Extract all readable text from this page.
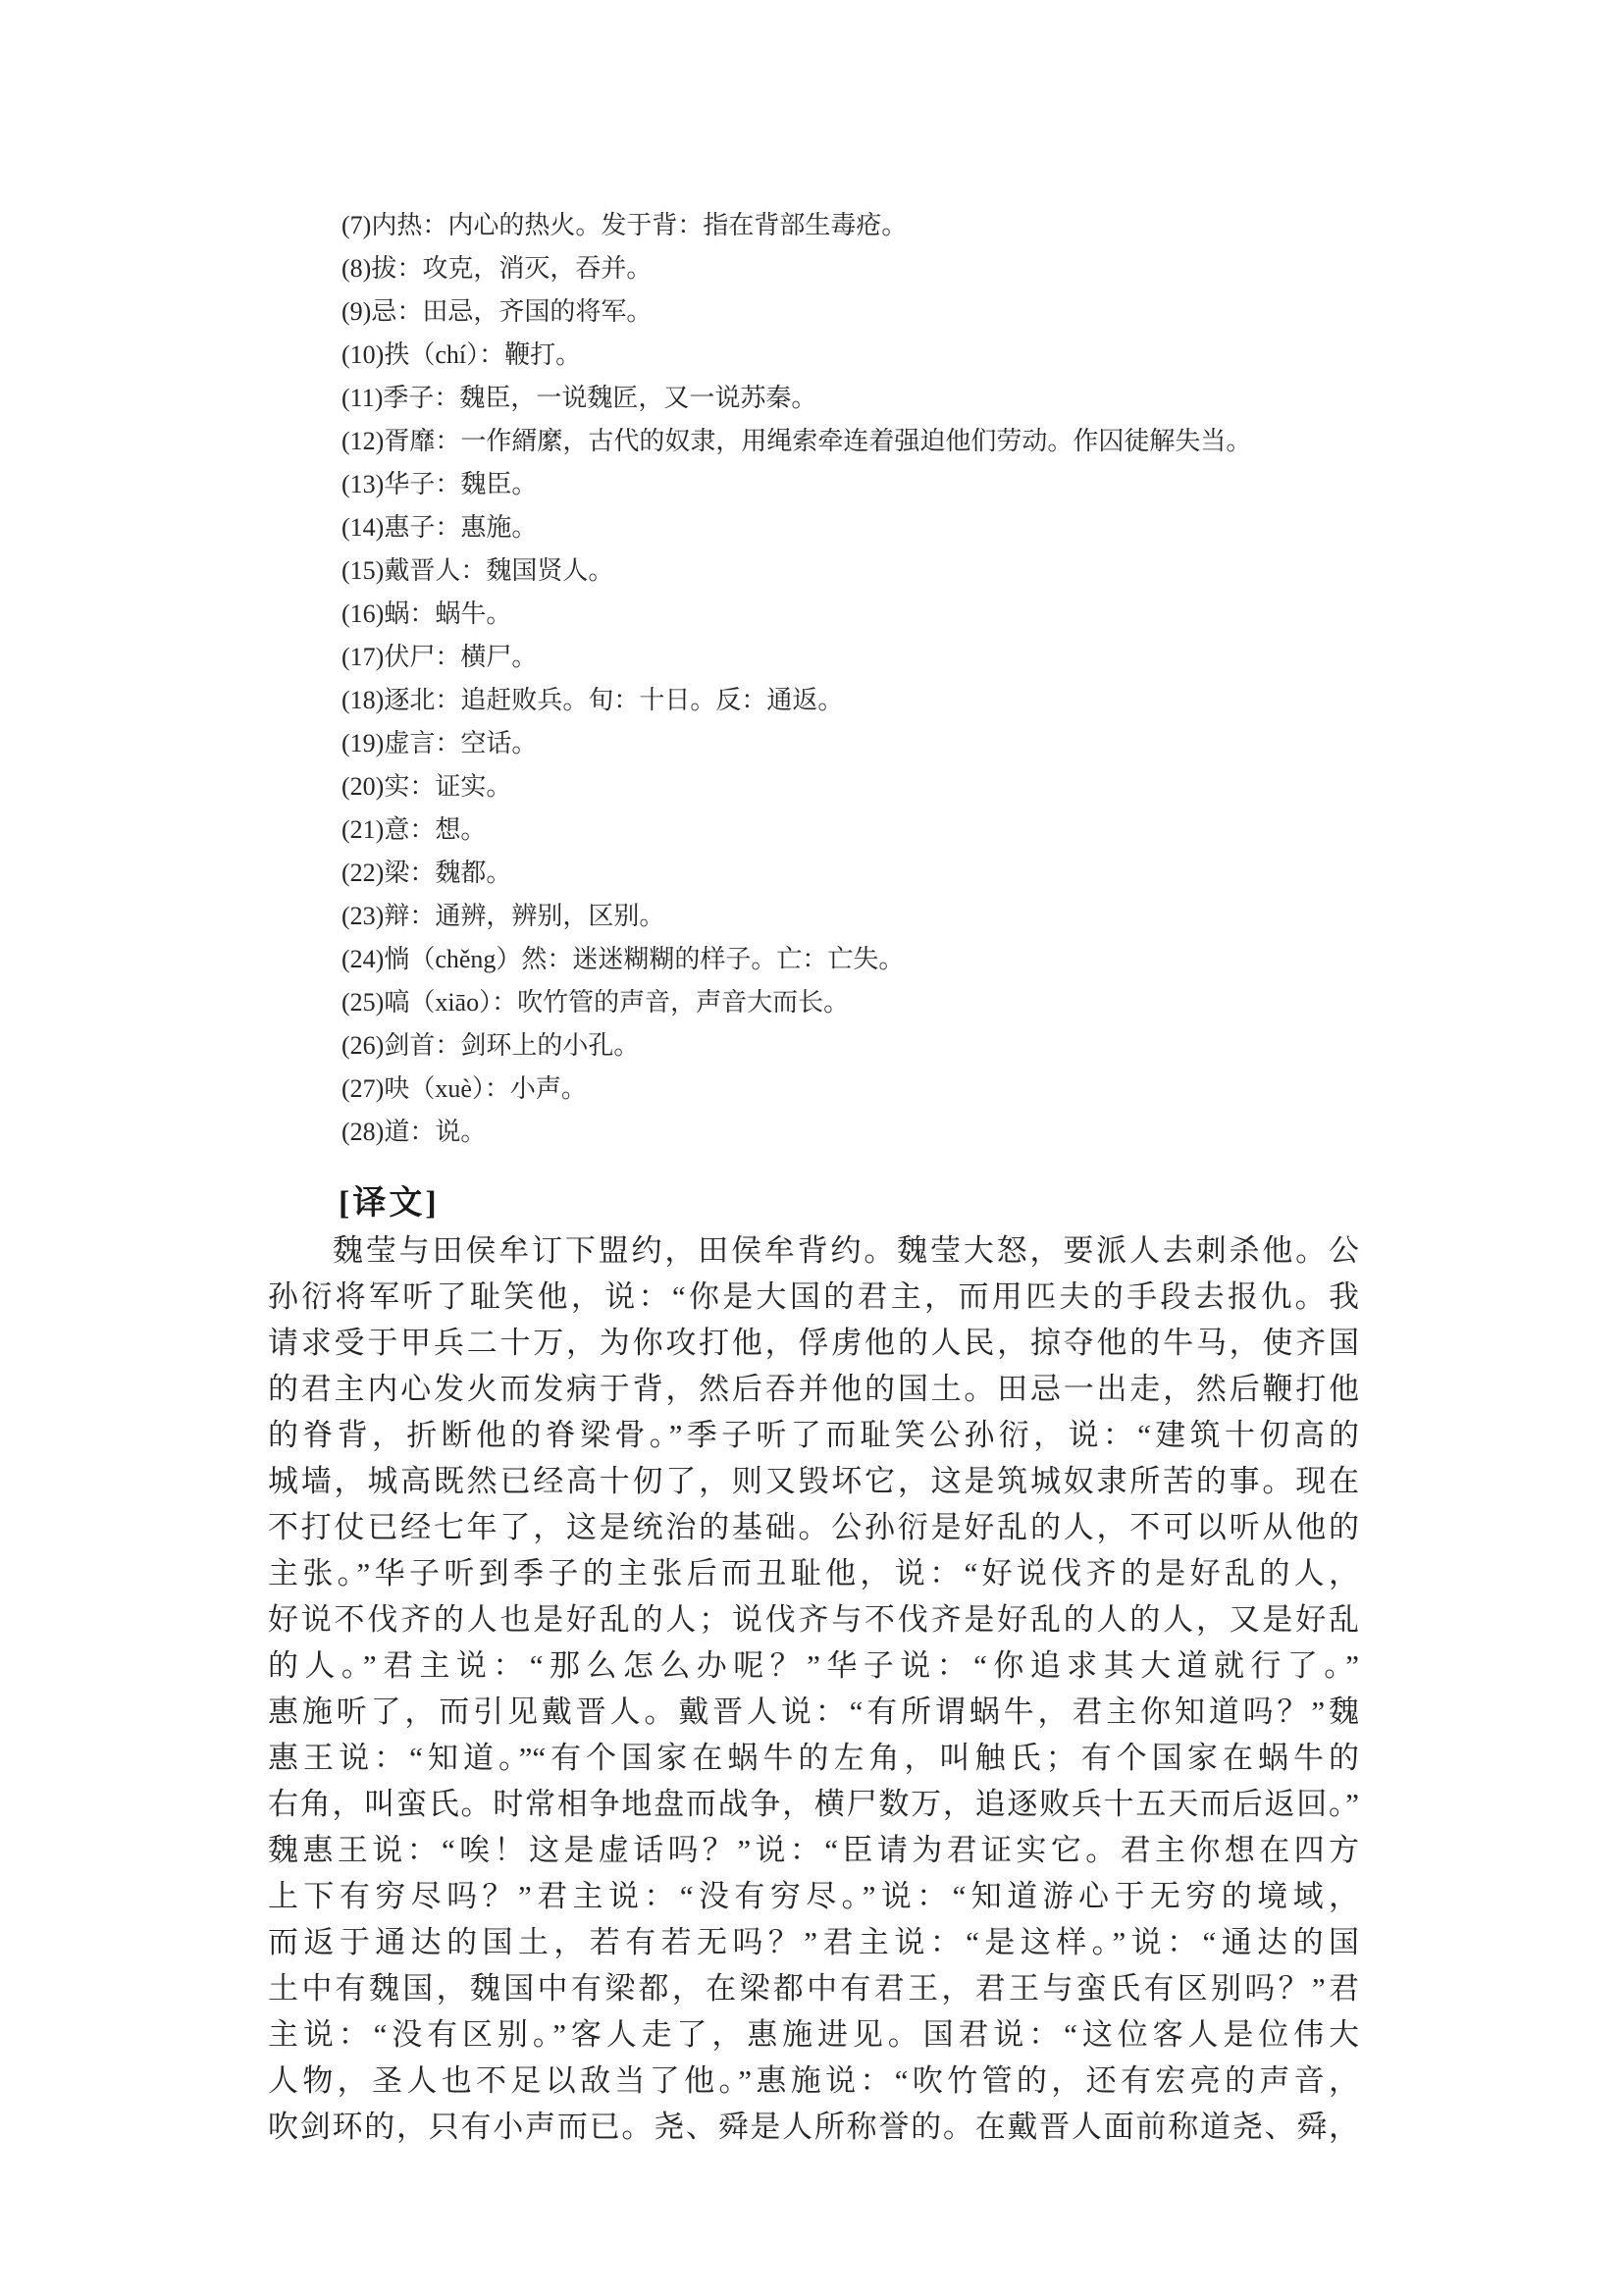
(7)内热：内心的热火。发于背：指在背部生毒疮。
(8)拔：攻克，消灭，吞并。
(9)忌：田忌，齐国的将军。
(10)抶（chí）：鞭打。
(11)季子：魏臣，一说魏匠，又一说苏秦。
(12)胥靡：一作縃縻，古代的奴隶，用绳索牵连着强迫他们劳动。作囚徒解失当。
(13)华子：魏臣。
(14)惠子：惠施。
(15)戴晋人：魏国贤人。
(16)蜗：蜗牛。
(17)伏尸：横尸。
(18)逐北：追赶败兵。旬：十日。反：通返。
(19)虚言：空话。
(20)实：证实。
(21)意：想。
(22)梁：魏都。
(23)辩：通辨，辨别，区别。
(24)惝（chěng）然：迷迷糊糊的样子。亡：亡失。
(25)嗃（xiāo）：吹竹管的声音，声音大而长。
(26)剑首：剑环上的小孔。
(27)吷（xuè）：小声。
(28)道：说。
[译文]
魏莹与田侯牟订下盟约，田侯牟背约。魏莹大怒，要派人去刺杀他。公
孙衍将军听了耻笑他，说：“你是大国的君主，而用匹夫的手段去报仇。我
请求受于甲兵二十万，为你攻打他，俘虏他的人民，掠夺他的牛马，使齐国
的君主内心发火而发病于背，然后吞并他的国土。田忌一出走，然后鞭打他
的脊背，折断他的脊梁骨。”季子听了而耻笑公孙衍，说：“建筑十仞高的
城墙，城高既然已经高十仞了，则又毁坏它，这是筑城奴隶所苦的事。现在
不打仗已经七年了，这是统治的基础。公孙衍是好乱的人，不可以听从他的
主张。”华子听到季子的主张后而丑耻他，说：“好说伐齐的是好乱的人，
好说不伐齐的人也是好乱的人；说伐齐与不伐齐是好乱的人的人，又是好乱
的人。”君主说：“那么怎么办呢？”华子说：“你追求其大道就行了。”
惠施听了，而引见戴晋人。戴晋人说：“有所谓蜗牛，君主你知道吗？”魏
惠王说：“知道。”“有个国家在蜗牛的左角，叫触氏；有个国家在蜗牛的
右角，叫蛮氏。时常相争地盘而战争，横尸数万，追逐败兵十五天而后返回。”
魏惠王说：“唉！这是虚话吗？”说：“臣请为君证实它。君主你想在四方
上下有穷尽吗？”君主说：“没有穷尽。”说：“知道游心于无穷的境域，
而返于通达的国土，若有若无吗？”君主说：“是这样。”说：“通达的国
土中有魏国，魏国中有梁都，在梁都中有君王，君王与蛮氏有区别吗？”君
主说：“没有区别。”客人走了，惠施进见。国君说：“这位客人是位伟大
人物，圣人也不足以敌当了他。”惠施说：“吹竹管的，还有宏亮的声音，
吹剑环的，只有小声而已。尧、舜是人所称誉的。在戴晋人面前称道尧、舜，
